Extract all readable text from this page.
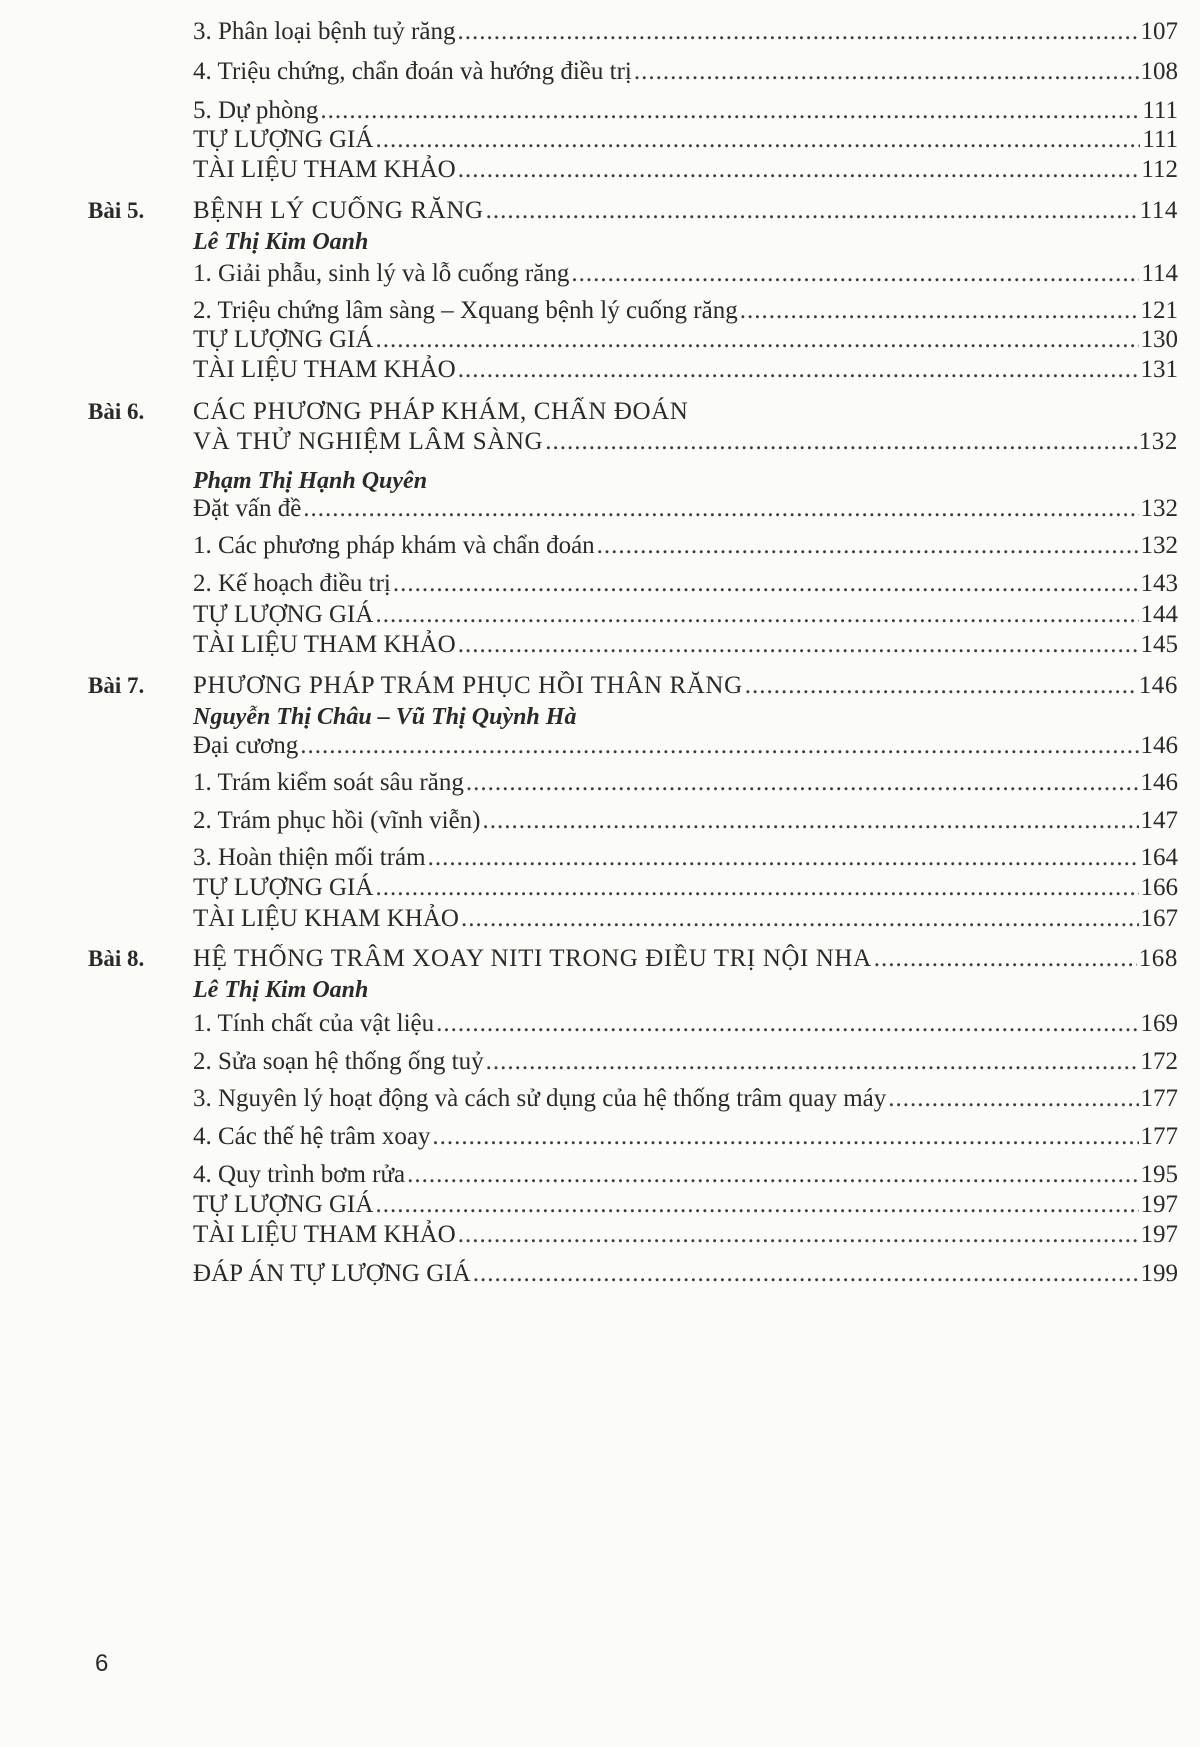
3. Phân loại bệnh tuỷ răng .....	107
4. Triệu chứng, chẩn đoán và hướng điều trị .....	108
5. Dự phòng .....	111
TỰ LƯỢNG GIÁ .....	111
TÀI LIỆU THAM KHẢO .....	112
Bài 5. BỆNH LÝ CUỐNG RĂNG .....	114
Lê Thị Kim Oanh
1. Giải phẫu, sinh lý và lỗ cuống răng .....	114
2. Triệu chứng lâm sàng – Xquang bệnh lý cuống răng .....	121
TỰ LƯỢNG GIÁ .....	130
TÀI LIỆU THAM KHẢO .....	131
Bài 6. CÁC PHƯƠNG PHÁP KHÁM, CHẨN ĐOÁN
VÀ THỬ NGHIỆM LÂM SÀNG .....	132
Phạm Thị Hạnh Quyên
Đặt vấn đề .....	132
1. Các phương pháp khám và chẩn đoán .....	132
2. Kế hoạch điều trị .....	143
TỰ LƯỢNG GIÁ .....	144
TÀI LIỆU THAM KHẢO .....	145
Bài 7. PHƯƠNG PHÁP TRÁM PHỤC HỒI THÂN RĂNG .....	146
Nguyễn Thị Châu – Vũ Thị Quỳnh Hà
Đại cương .....	146
1. Trám kiểm soát sâu răng .....	146
2. Trám phục hồi (vĩnh viễn) .....	147
3. Hoàn thiện mối trám .....	164
TỰ LƯỢNG GIÁ .....	166
TÀI LIỆU KHAM KHẢO .....	167
Bài 8. HỆ THỐNG TRÂM XOAY NITI TRONG ĐIỀU TRỊ NỘI NHA .....	168
Lê Thị Kim Oanh
1. Tính chất của vật liệu .....	169
2. Sửa soạn hệ thống ống tuỷ .....	172
3. Nguyên lý hoạt động và cách sử dụng của hệ thống trâm quay máy .....	177
4. Các thế hệ trâm xoay .....	177
4. Quy trình bơm rửa .....	195
TỰ LƯỢNG GIÁ .....	197
TÀI LIỆU THAM KHẢO .....	197
ĐÁP ÁN TỰ LƯỢNG GIÁ .....	199
6
